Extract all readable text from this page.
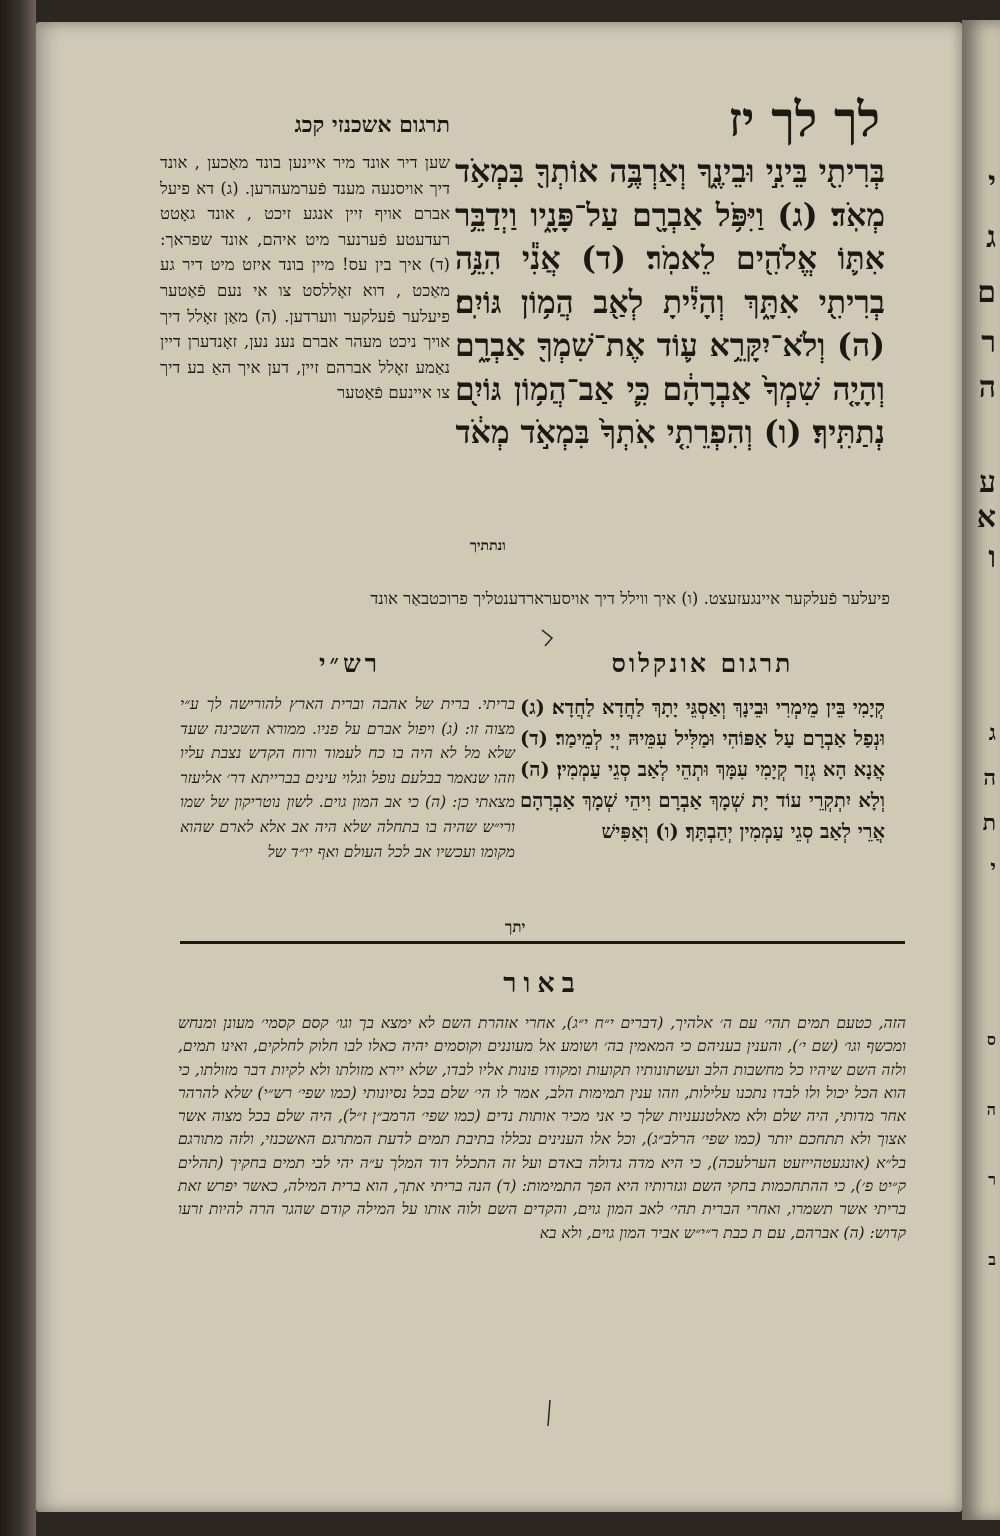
י
ג
ם
ר
ה
ע
א
ו
ג
ה
ת
י
ס
ה
ר
ב
תרגום אשכנזי קכג	לך לך יז
שען דיר אונד מיר איינען בונד מאַכען , אונד דיך אויסנעה מענד פֿערמעהרען. (ג) דא פיעל אברם אויף זיין אנגע זיכט , אונד גאָטט רעדעטע פֿערנער מיט איהם, אונד שפראך: (ד) איך בין עס! מיין בונד איזט מיט דיר גע מאַכט , דוא זאָללסט צו אי נעם פֿאַטער פיעלער פֿעלקער ווערדען. (ה) מאַן זאָלל דיך אויך ניכט מעהר אברם נענ נען, זאָנדערן דיין נאַמע זאָלל אברהם זיין, דען איך האַ בע דיך צו איינעם פֿאַטער
בְּרִיתִ֖י בֵּינִ֣י וּבֵינֶ֑ךָ וְאַרְבֶּ֥ה אוֹתְךָ֖ בִּמְאֹ֥ד מְאֹֽד׃ (ג) וַיִּפֹּ֥ל אַבְרָ֖ם עַל־פָּנָ֑יו וַיְדַבֵּ֥ר אִתּ֛וֹ אֱלֹהִ֖ים לֵאמֹֽר׃ (ד) אֲנִ֕י הִנֵּ֥ה בְרִיתִ֖י אִתָּ֑ךְ וְהָיִ֕יתָ לְאַ֖ב הֲמ֥וֹן גּוֹיִֽם׃ (ה) וְלֹא־יִקָּרֵ֥א ע֛וֹד אֶת־שִׁמְךָ֖ אַבְרָ֑ם וְהָיָ֤ה שִׁמְךָ֙ אַבְרָהָ֔ם כִּ֛י אַב־הֲמ֥וֹן גּוֹיִ֖ם נְתַתִּֽיךָ׃ (ו) וְהִפְרֵתִ֤י אֹֽתְךָ֙ בִּמְאֹ֣ד מְאֹ֔ד
ונתתיך
פיעלער פֿעלקער איינגעזעצט. (ו) איך ווילל דיך אויסערארדענטליך פרוכטבאַר אונד
תרגום אונקלוס
רש״י
קְיָמִי בֵּין מֵימְרִי וּבֵינָךְ וְאַסְגֵּי יָתָךְ לַחֲדָא לַחֲדָא׃ (ג) וּנְפַל אַבְרָם עַל אַפּוֹהִי וּמַלִּיל עִמֵּיהּ יְיָ לְמֵימַר׃ (ד) אֲנָא הָא גְזַר קְיָמִי עִמָּךְ וּתְהֵי לְאַב סְגֵי עַמְמִין׃ (ה) וְלָא יִתְקְרֵי עוֹד יָת שְׁמָךְ אַבְרָם וִיהֵי שְׁמָךְ אַבְרָהָם אֲרֵי לְאַב סְגֵי עַמְמִין יְהַבְתָּךְ׃ (ו) וְאַפִּישׁ
בריתי. ברית של אהבה וברית הארץ להורישה לך ע״י מצוה זו: (ג) ויפול אברם על פניו. ממורא השכינה שעד שלא מל לא היה בו כח לעמוד ורוח הקדש נצבת עליו וזהו שנאמר בבלעם נופל וגלוי עינים בברייתא דר׳ אליעזר מצאתי כן: (ה) כי אב המון גוים. לשון נוטריקון של שמו ורי״ש שהיה בו בתחלה שלא היה אב אלא לארם שהוא מקומו ועכשיו אב לכל העולם ואף יו״ד של
יתך
באור
הזה, כטעם תמים תהי׳ עם ה׳ אלהיך, (דברים י״ח י״ג), אחרי אזהרת השם לא ימצא בך וגו׳ קסם קסמי׳ מעונן ומנחש ומכשף וגו׳ (שם י׳), והענין בעניהם כי המאמין בה׳ ושומע אל מעוננים וקוסמים יהיה כאלו לבו חלוק לחלקים, ואינו תמים, ולזה השם שיהיו כל מחשבות הלב ועשתונותיו תקועות ומקודו פונות אליו לבדו, שלא יירא מזולתו ולא לקיות דבר מזולתו, כי הוא הכל יכול ולו לבדו נתכנו עלילות, וזהו ענין תמימות הלב, אמר לו הי׳ שלם בכל נסיונותי (כמו שפי׳ רש״י) שלא להרהר אחר מדותי, היה שלם ולא מאלטנעניות שלך כי אני מכיר אותות נדים (כמו שפי׳ הרמב״ן ז״ל), היה שלם בכל מצוה אשר אצוך ולא תתחכם יותר (כמו שפי׳ הרלב״ג), וכל אלו הענינים נכללו בתיבת תמים לדעת המתרגם האשכנזי, ולזה מתורגם בל״א (אונגעטהייזעט הערלעכה), כי היא מדה גדולה באדם ועל זה התכלל דוד המלך ע״ה יהי לבי תמים בחקיך (תהלים ק״יט פ׳), כי ההתחכמות בחקי השם וגזרותיו היא הפך התמימות: (ד) הנה בריתי אתך, הוא ברית המילה, כאשר יפרש זאת בריתי אשר תשמרו, ואחרי הברית תהי׳ לאב המון גוים, והקדים השם ולוה אותו על המילה קודם שהגר הרה להיות זרעו קדוש: (ה) אברהם, עם ת כבת ר״י״ש אביר המון גוים, ולא בא
